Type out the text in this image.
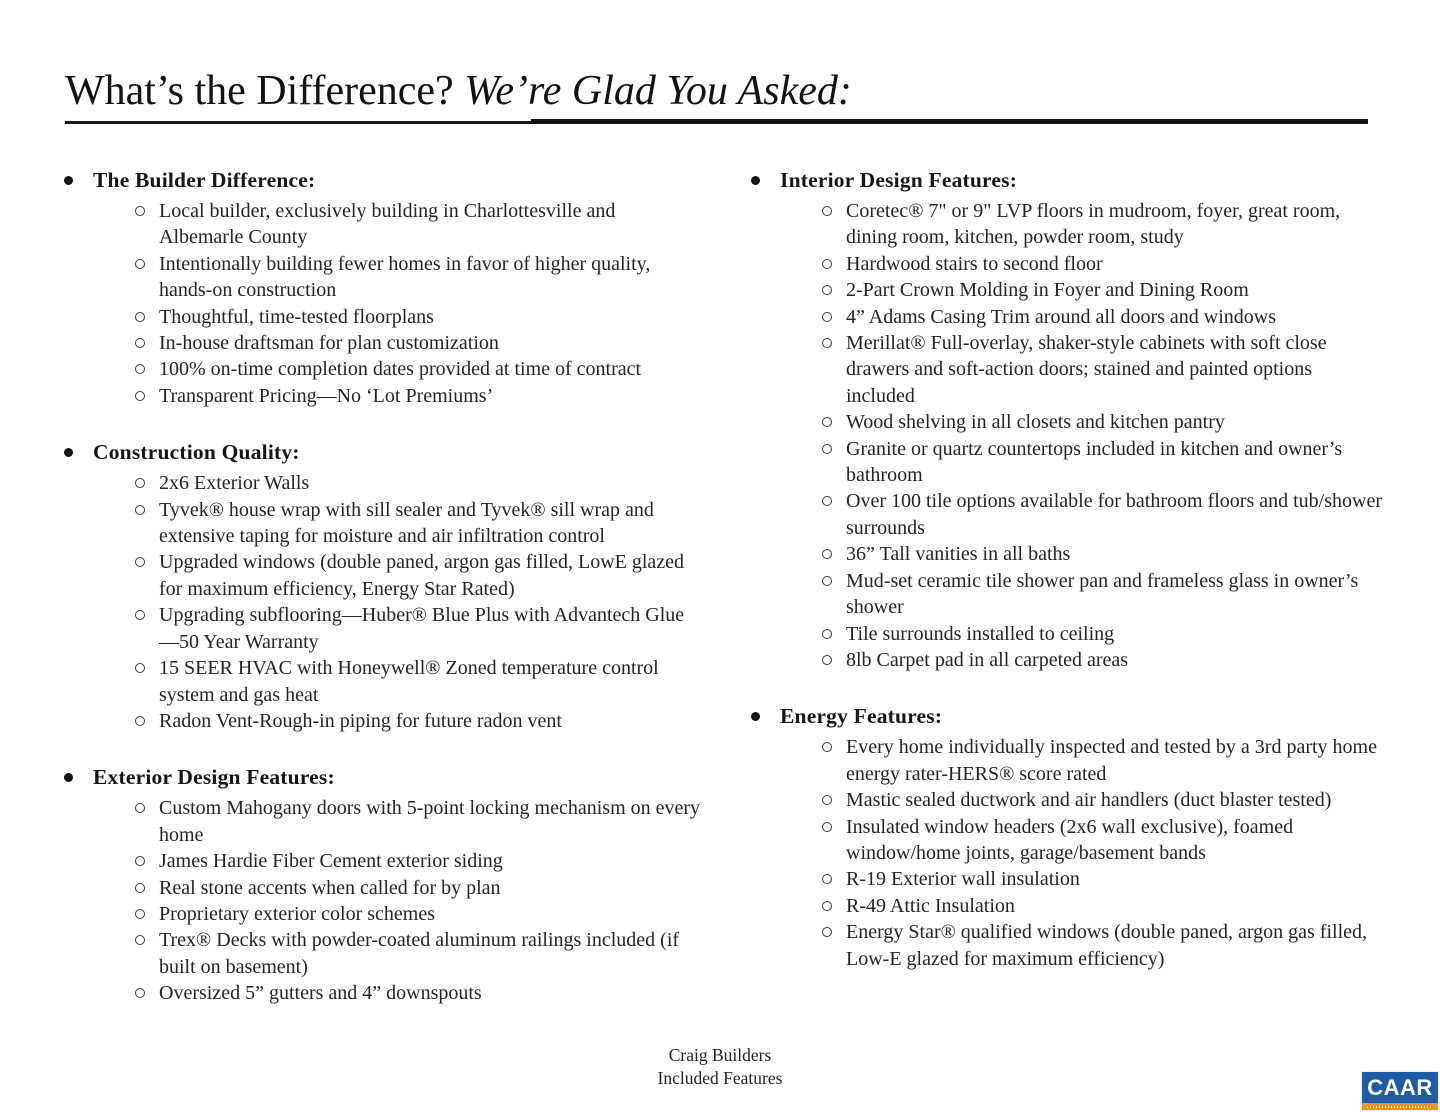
What’s the Difference? We’re Glad You Asked:
The Builder Difference:
Local builder, exclusively building in Charlottesville and Albemarle County
Intentionally building fewer homes in favor of higher quality, hands-on construction
Thoughtful, time-tested floorplans
In-house draftsman for plan customization
100% on-time completion dates provided at time of contract
Transparent Pricing—No ‘Lot Premiums’
Construction Quality:
2x6 Exterior Walls
Tyvek® house wrap with sill sealer and Tyvek® sill wrap and extensive taping for moisture and air infiltration control
Upgraded windows (double paned, argon gas filled, LowE glazed for maximum efficiency, Energy Star Rated)
Upgrading subflooring—Huber® Blue Plus with Advantech Glue—50 Year Warranty
15 SEER HVAC with Honeywell® Zoned temperature control system and gas heat
Radon Vent-Rough-in piping for future radon vent
Exterior Design Features:
Custom Mahogany doors with 5-point locking mechanism on every home
James Hardie Fiber Cement exterior siding
Real stone accents when called for by plan
Proprietary exterior color schemes
Trex® Decks with powder-coated aluminum railings included (if built on basement)
Oversized 5” gutters and 4” downspouts
Interior Design Features:
Coretec® 7" or 9" LVP floors in mudroom, foyer, great room, dining room, kitchen, powder room, study
Hardwood stairs to second floor
2-Part Crown Molding in Foyer and Dining Room
4” Adams Casing Trim around all doors and windows
Merillat® Full-overlay, shaker-style cabinets with soft close drawers and soft-action doors; stained and painted options included
Wood shelving in all closets and kitchen pantry
Granite or quartz countertops included in kitchen and owner’s bathroom
Over 100 tile options available for bathroom floors and tub/shower surrounds
36” Tall vanities in all baths
Mud-set ceramic tile shower pan and frameless glass in owner’s shower
Tile surrounds installed to ceiling
8lb Carpet pad in all carpeted areas
Energy Features:
Every home individually inspected and tested by a 3rd party home energy rater-HERS® score rated
Mastic sealed ductwork and air handlers (duct blaster tested)
Insulated window headers (2x6 wall exclusive), foamed window/home joints, garage/basement bands
R-19 Exterior wall insulation
R-49 Attic Insulation
Energy Star® qualified windows (double paned, argon gas filled, Low-E glazed for maximum efficiency)
Craig Builders
Included Features	CAAR
